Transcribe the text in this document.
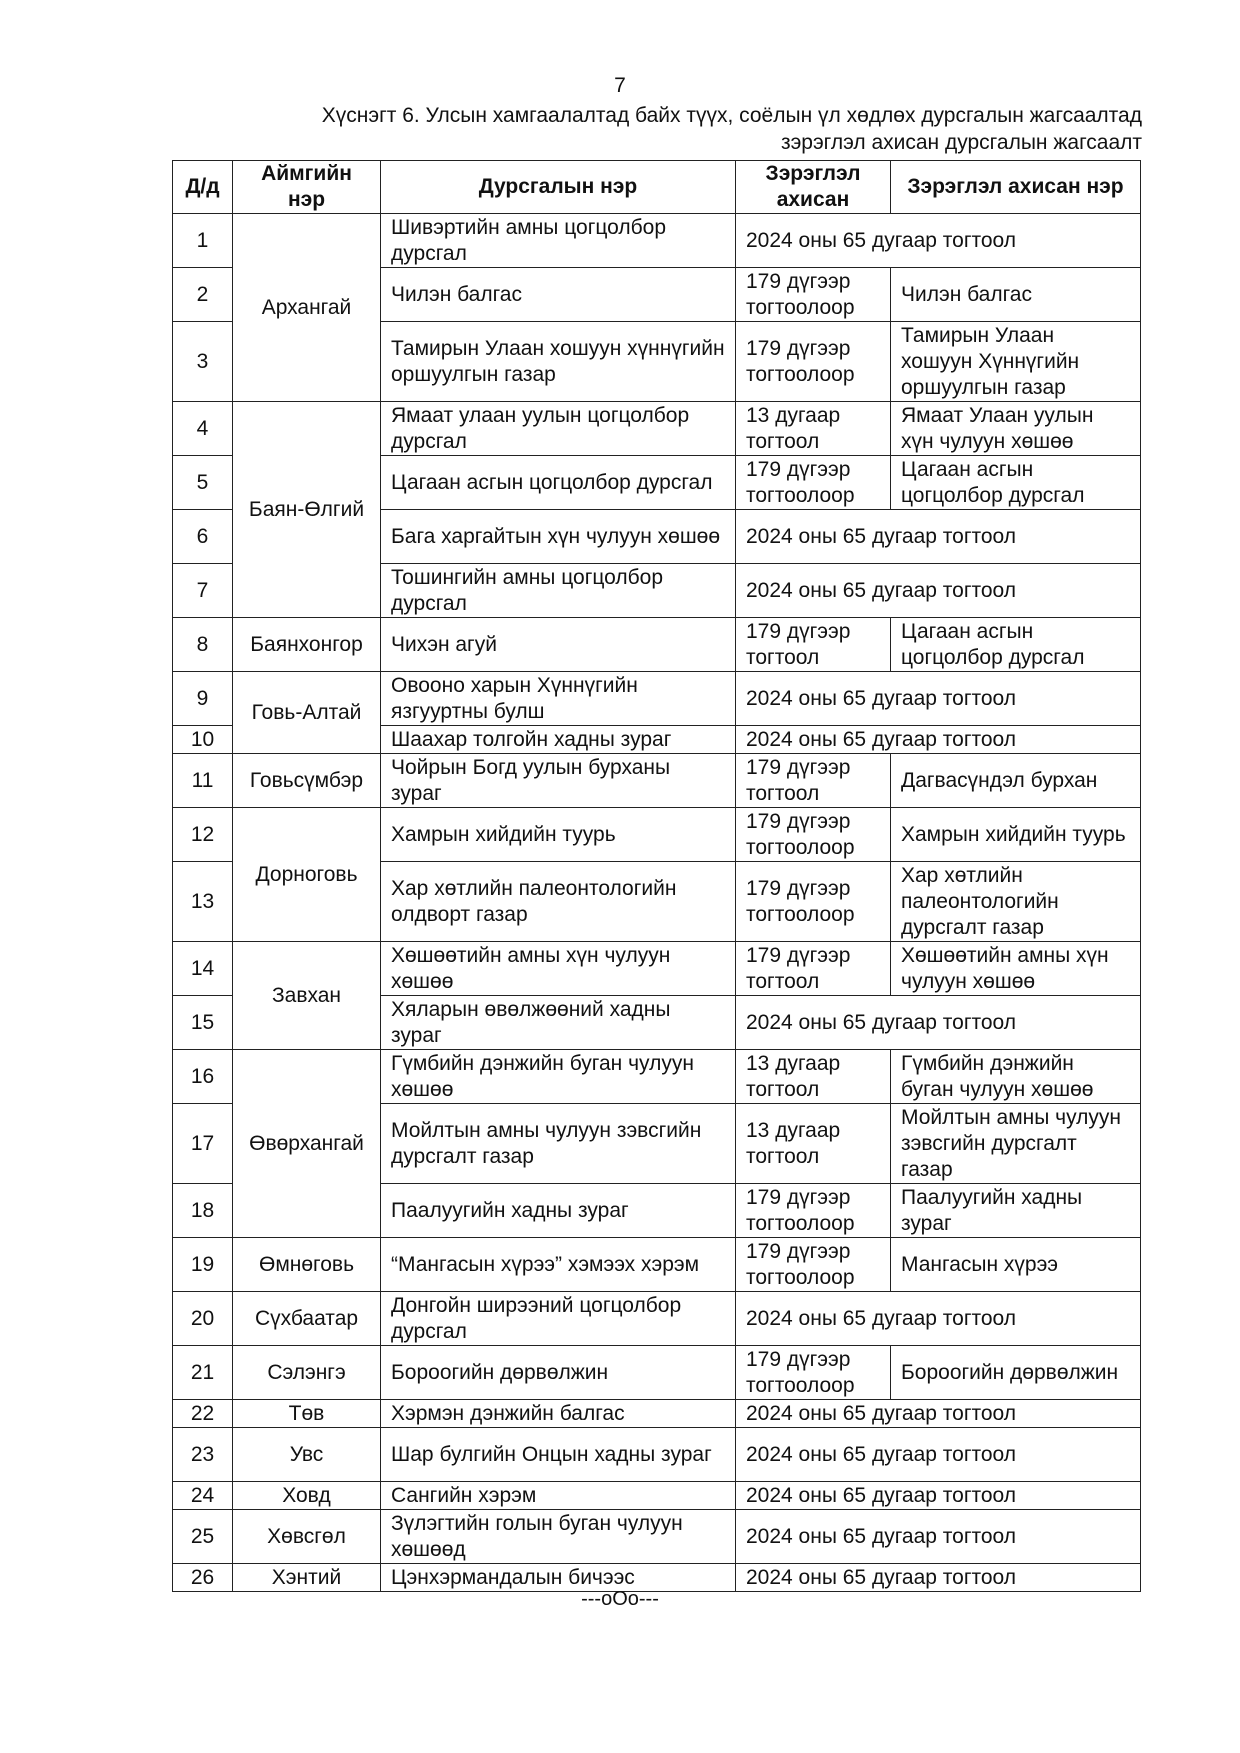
7
Хүснэгт 6. Улсын хамгаалалтад байх түүх, соёлын үл хөдлөх дурсгалын жагсаалтад
зэрэглэл ахисан дурсгалын жагсаалт
Д/д	Аймгийн нэр	Дурсгалын нэр	Зэрэглэл ахисан	Зэрэглэл ахисан нэр
1	Архангай	Шивэртийн амны цогцолбор дурсгал	2024 оны 65 дугаар тогтоол	
2		Чилэн балгас	179 дүгээр тогтоолоор	Чилэн балгас
3		Тамирын Улаан хошуун хүннүгийн оршуулгын газар	179 дүгээр тогтоолоор	Тамирын Улаан хошуун Хүннүгийн оршуулгын газар
4	Баян-Өлгий	Ямаат улаан уулын цогцолбор дурсгал	13 дугаар тогтоол	Ямаат Улаан уулын хүн чулуун хөшөө
5		Цагаан асгын цогцолбор дурсгал	179 дүгээр тогтоолоор	Цагаан асгын цогцолбор дурсгал
6		Бага харгайтын хүн чулуун хөшөө	2024 оны 65 дугаар тогтоол	
7		Тошингийн амны цогцолбор дурсгал	2024 оны 65 дугаар тогтоол	
8	Баянхонгор	Чихэн агуй	179 дүгээр тогтоол	Цагаан асгын цогцолбор дурсгал
9	Говь-Алтай	Овооно харын Хүннүгийн язгууртны булш	2024 оны 65 дугаар тогтоол	
10		Шаахар толгойн хадны зураг	2024 оны 65 дугаар тогтоол	
11	Говьсүмбэр	Чойрын Богд уулын бурханы зураг	179 дүгээр тогтоол	Дагвасүндэл бурхан
12	Дорноговь	Хамрын хийдийн туурь	179 дүгээр тогтоолоор	Хамрын хийдийн туурь
13		Хар хөтлийн палеонтологийн олдворт газар	179 дүгээр тогтоолоор	Хар хөтлийн палеонтологийн дурсгалт газар
14	Завхан	Хөшөөтийн амны хүн чулуун хөшөө	179 дүгээр тогтоол	Хөшөөтийн амны хүн чулуун хөшөө
15		Хяларын өвөлжөөний хадны зураг	2024 оны 65 дугаар тогтоол	
16	Өвөрхангай	Гүмбийн дэнжийн буган чулуун хөшөө	13 дугаар тогтоол	Гүмбийн дэнжийн буган чулуун хөшөө
17		Мойлтын амны чулуун зэвсгийн дурсгалт газар	13 дугаар тогтоол	Мойлтын амны чулуун зэвсгийн дурсгалт газар
18		Паалуугийн хадны зураг	179 дүгээр тогтоолоор	Паалуугийн хадны зураг
19	Өмнөговь	“Мангасын хүрээ” хэмээх хэрэм	179 дүгээр тогтоолоор	Мангасын хүрээ
20	Сүхбаатар	Донгойн ширээний цогцолбор дурсгал	2024 оны 65 дугаар тогтоол	
21	Сэлэнгэ	Бороогийн дөрвөлжин	179 дүгээр тогтоолоор	Бороогийн дөрвөлжин
22	Төв	Хэрмэн дэнжийн балгас	2024 оны 65 дугаар тогтоол	
23	Увс	Шар булгийн Онцын хадны зураг	2024 оны 65 дугаар тогтоол	
24	Ховд	Сангийн хэрэм	2024 оны 65 дугаар тогтоол	
25	Хөвсгөл	Зүлэгтийн голын буган чулуун хөшөөд	2024 оны 65 дугаар тогтоол	
26	Хэнтий	Цэнхэрмандалын бичээс	2024 оны 65 дугаар тогтоол	
---oOo---
